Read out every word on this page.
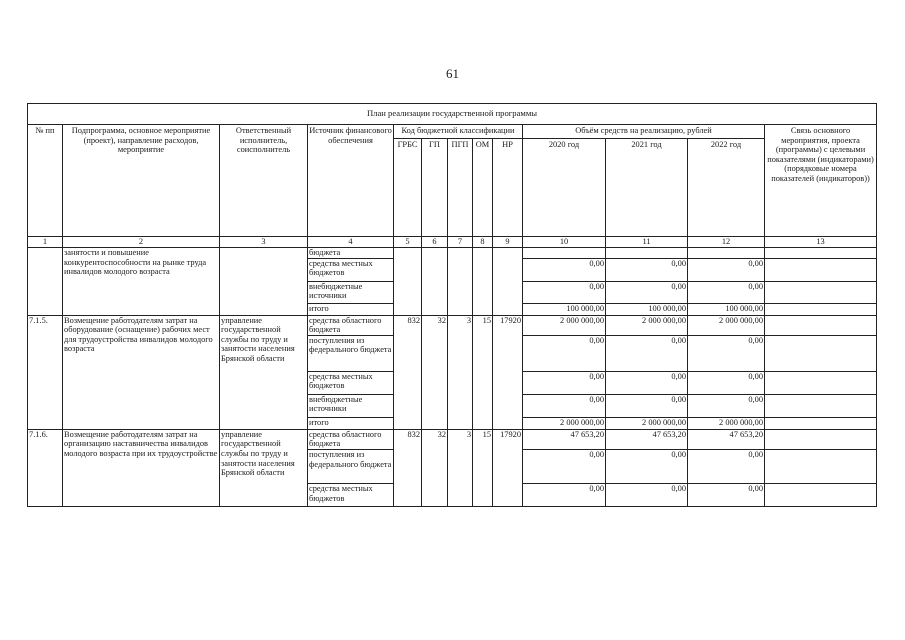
61
План реализации государственной программы												
№ пп	Подпрограмма, основное мероприятие (проект), направление расходов, мероприятие	Ответственный исполнитель, соисполнитель	Источник финансового обеспечения	Код бюджетной классификации					Объём средств на реализацию, рублей			Связь основного мероприятия, проекта (программы) с целевыми показателями (индикаторами) (порядковые номера показателей (индикаторов))
				ГРБС	ГП	ПГП	ОМ	НР	2020 год	2021 год	2022 год	
1	2	3	4	5	6	7	8	9	10	11	12	13
	занятости и повышение конкурентоспособности на рынке труда инвалидов молодого возраста		бюджета									
			средства местных бюджетов						0,00	0,00	0,00	
			внебюджетные источники						0,00	0,00	0,00	
			итого						100 000,00	100 000,00	100 000,00	
7.1.5.	Возмещение работодателям затрат на оборудование (оснащение) рабочих мест для трудоустройства инвалидов молодого возраста	управление государственной службы по труду и занятости населения Брянской области	средства областного бюджета	832	32	3	15	17920	2 000 000,00	2 000 000,00	2 000 000,00	
			поступления из федерального бюджета						0,00	0,00	0,00	
			средства местных бюджетов						0,00	0,00	0,00	
			внебюджетные источники						0,00	0,00	0,00	
			итого						2 000 000,00	2 000 000,00	2 000 000,00	
7.1.6.	Возмещение работодателям затрат на организацию наставничества инвалидов молодого возраста при их трудоустройстве	управление государственной службы по труду и занятости населения Брянской области	средства областного бюджета	832	32	3	15	17920	47 653,20	47 653,20	47 653,20	
			поступления из федерального бюджета						0,00	0,00	0,00	
			средства местных бюджетов						0,00	0,00	0,00	
